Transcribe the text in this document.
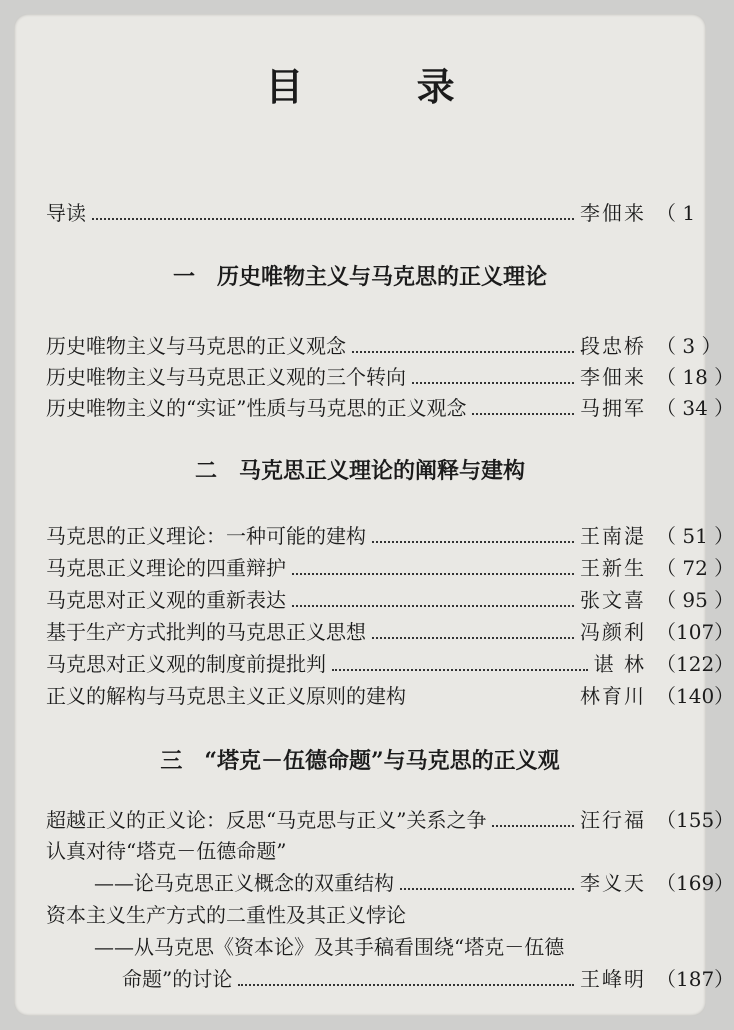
目 录
导读	李佃来 （ 1
一　历史唯物主义与马克思的正义理论
历史唯物主义与马克思的正义观念	段忠桥 （ 3 ）
历史唯物主义与马克思正义观的三个转向	李佃来 （ 18 ）
历史唯物主义的“实证”性质与马克思的正义观念	马拥军 （ 34 ）
二　马克思正义理论的阐释与建构
马克思的正义理论：一种可能的建构	王南湜 （ 51 ）
马克思正义理论的四重辩护	王新生 （ 72 ）
马克思对正义观的重新表达	张文喜 （ 95 ）
基于生产方式批判的马克思正义思想	冯颜利 （107）
马克思对正义观的制度前提批判	谌 林 （122）
正义的解构与马克思主义正义原则的建构	林育川 （140）
三　“塔克－伍德命题”与马克思的正义观
超越正义的正义论：反思“马克思与正义”关系之争	汪行福 （155）
认真对待“塔克－伍德命题”
——论马克思正义概念的双重结构	李义天 （169）
资本主义生产方式的二重性及其正义悖论
——从马克思《资本论》及其手稿看围绕“塔克－伍德
命题”的讨论	王峰明 （187）
